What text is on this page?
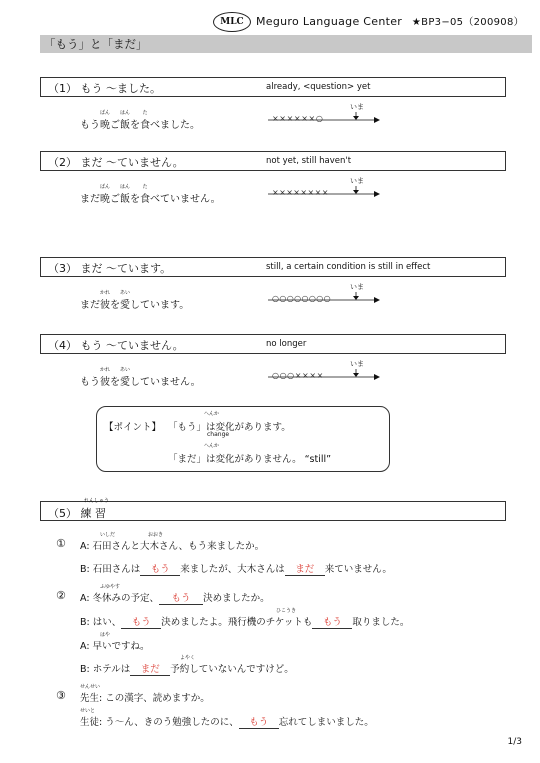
MLC	Meguro Language Center ★BP3−05（200908）
「もう」と「まだ」
（1） もう ～ました。	already, <question> yet
もう晩
ばん
ご飯
はん
を食
た
べました。
いま
××××××○
（2） まだ ～ていません。	not yet, still haven't
まだ晩
ばん
ご飯
はん
を食
た
べていません。
いま
××××××××
（3） まだ ～ています。	still, a certain condition is still in effect
まだ彼
かれ
を愛
あい
しています。
いま
○○○○○○○○
（4） もう ～ていません。	no longer
もう彼
かれ
を愛
あい
していません。
いま
○○○××××
【ポイント】 「もう」は変化があります。
へんか
change
「まだ」は変化がありません。 “still”
へんか
れんしゅう
（5） 練 習
① A: 石田さんと大木さん、もう来ましたか。
いしだ	おおき
B: 石田さんは もう 来ましたが、大木さんは まだ 来ていません。
②
ふゆやす
A: 冬休みの予定、 もう 決めましたか。
B: はい、 もう 決めましたよ。飛行機のチケットも もう 取りました。
ひこうき
A: 早いですね。
はや
B: ホテルは まだ 予約していないんですけど。
よやく
③
せんせい
先生: この漢字、読めますか。
せいと
生徒: う～ん、きのう勉強したのに、 もう 忘れてしまいました。
1/3
